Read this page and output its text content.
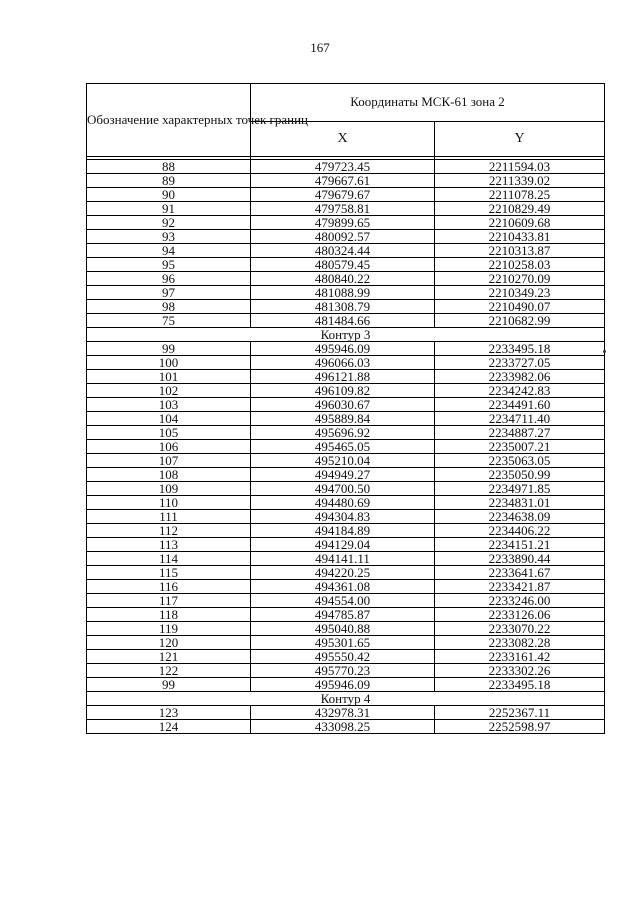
167
Обозначение характерных точек границ	Координаты МСК-61 зона 2	
	X	Y

88	479723.45	2211594.03
89	479667.61	2211339.02
90	479679.67	2211078.25
91	479758.81	2210829.49
92	479899.65	2210609.68
93	480092.57	2210433.81
94	480324.44	2210313.87
95	480579.45	2210258.03
96	480840.22	2210270.09
97	481088.99	2210349.23
98	481308.79	2210490.07
75	481484.66	2210682.99
Контур 3		
99	495946.09	2233495.18
100	496066.03	2233727.05
101	496121.88	2233982.06
102	496109.82	2234242.83
103	496030.67	2234491.60
104	495889.84	2234711.40
105	495696.92	2234887.27
106	495465.05	2235007.21
107	495210.04	2235063.05
108	494949.27	2235050.99
109	494700.50	2234971.85
110	494480.69	2234831.01
111	494304.83	2234638.09
112	494184.89	2234406.22
113	494129.04	2234151.21
114	494141.11	2233890.44
115	494220.25	2233641.67
116	494361.08	2233421.87
117	494554.00	2233246.00
118	494785.87	2233126.06
119	495040.88	2233070.22
120	495301.65	2233082.28
121	495550.42	2233161.42
122	495770.23	2233302.26
99	495946.09	2233495.18
Контур 4		
123	432978.31	2252367.11
124	433098.25	2252598.97
